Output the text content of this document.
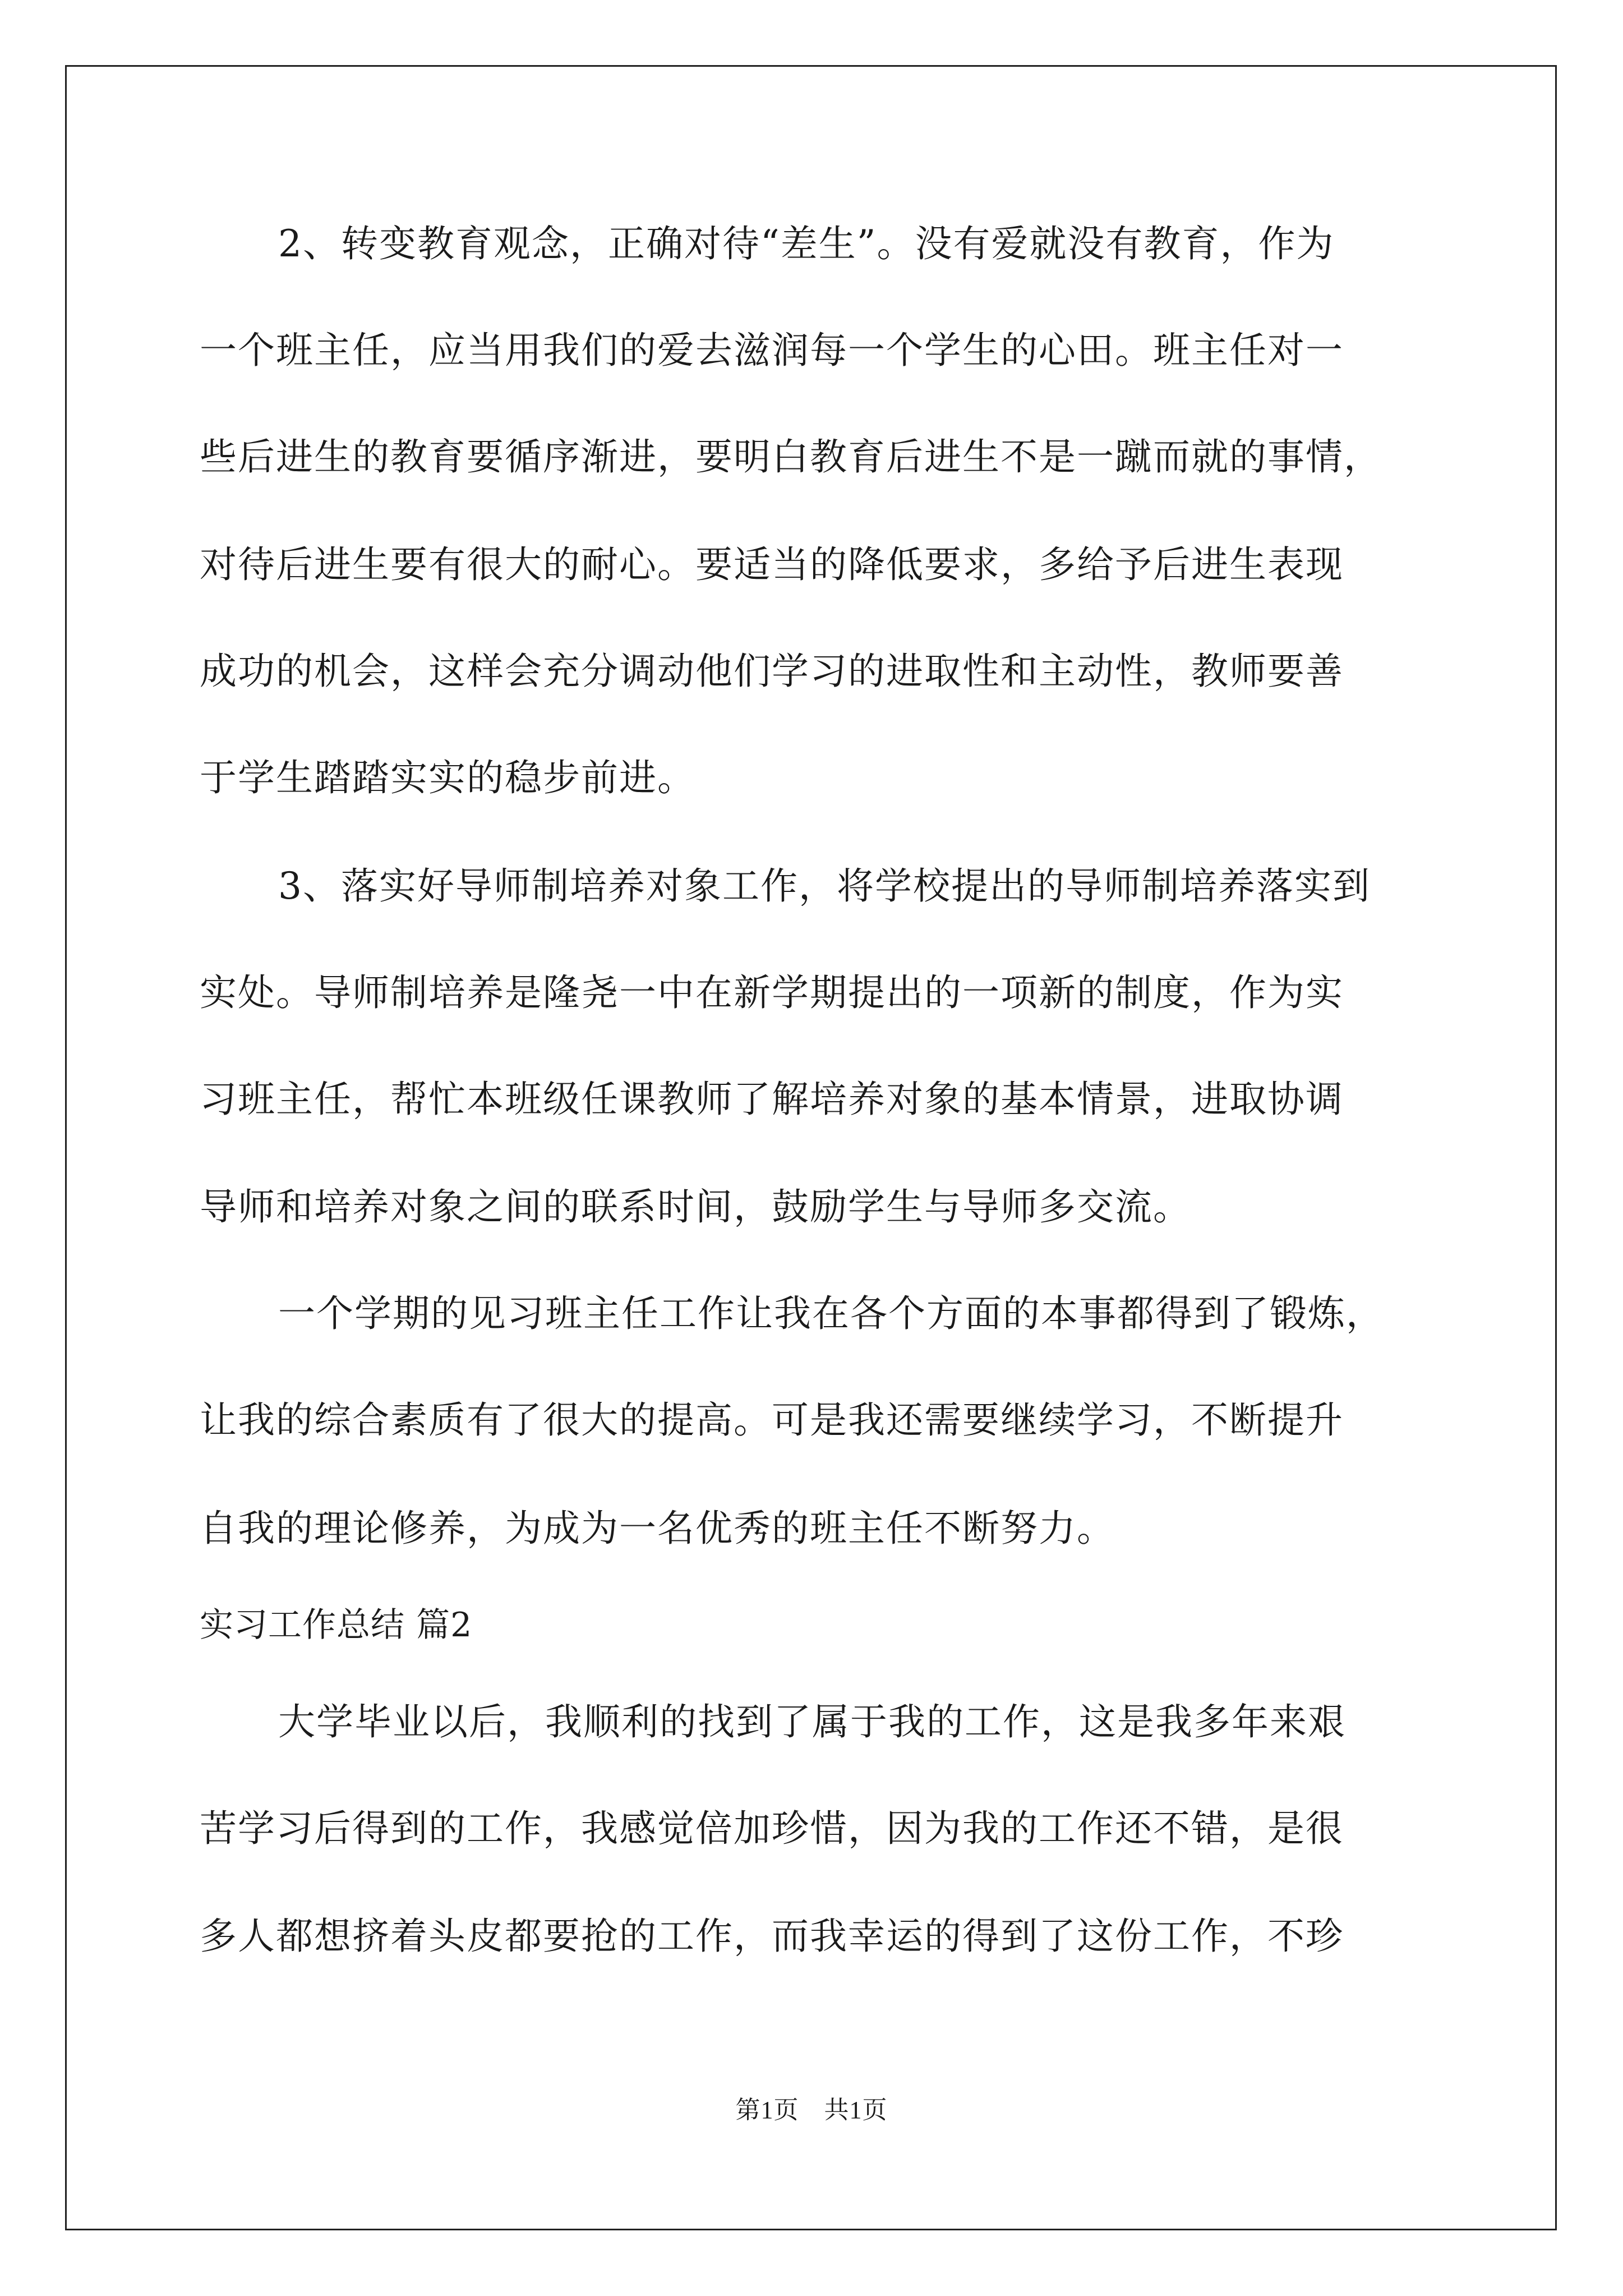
2、转变教育观念，正确对待“差生”。没有爱就没有教育，作为
一个班主任，应当用我们的爱去滋润每一个学生的心田。班主任对一
些后进生的教育要循序渐进，要明白教育后进生不是一蹴而就的事情，
对待后进生要有很大的耐心。要适当的降低要求，多给予后进生表现
成功的机会，这样会充分调动他们学习的进取性和主动性，教师要善
于学生踏踏实实的稳步前进。
3、落实好导师制培养对象工作，将学校提出的导师制培养落实到
实处。导师制培养是隆尧一中在新学期提出的一项新的制度，作为实
习班主任，帮忙本班级任课教师了解培养对象的基本情景，进取协调
导师和培养对象之间的联系时间，鼓励学生与导师多交流。
一个学期的见习班主任工作让我在各个方面的本事都得到了锻炼，
让我的综合素质有了很大的提高。可是我还需要继续学习，不断提升
自我的理论修养，为成为一名优秀的班主任不断努力。
实习工作总结 篇2
大学毕业以后，我顺利的找到了属于我的工作，这是我多年来艰
苦学习后得到的工作，我感觉倍加珍惜，因为我的工作还不错，是很
多人都想挤着头皮都要抢的工作，而我幸运的得到了这份工作，不珍
第1页　共1页
